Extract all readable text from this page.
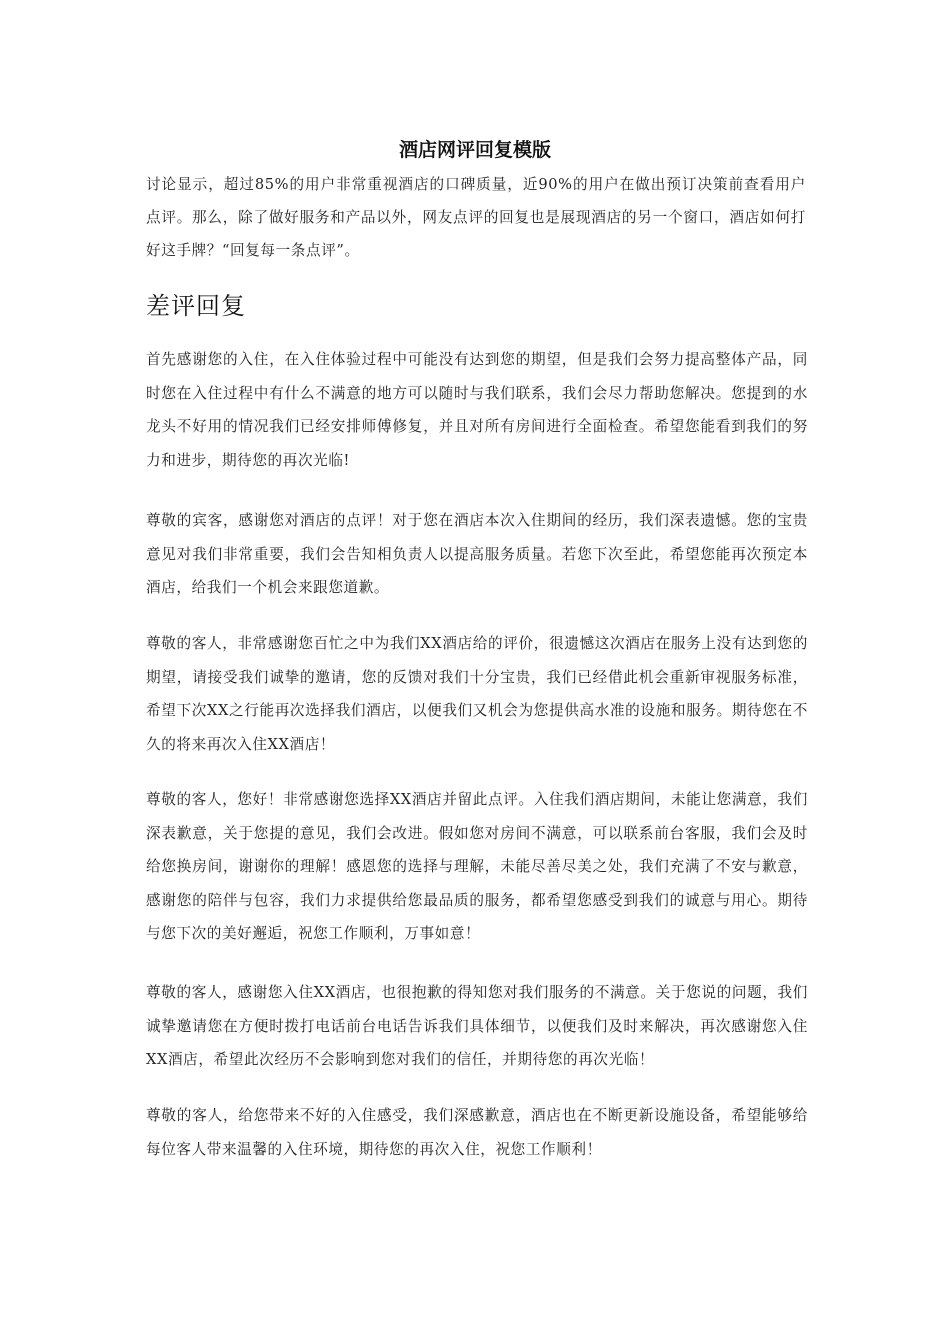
酒店网评回复模版

讨论显示，超过85%的用户非常重视酒店的口碑质量，近90%的用户在做出预订决策前查看用户点评。那么，除了做好服务和产品以外，网友点评的回复也是展现酒店的另一个窗口，酒店如何打好这手牌？“回复每一条点评”。

差评回复

首先感谢您的入住，在入住体验过程中可能没有达到您的期望，但是我们会努力提高整体产品，同时您在入住过程中有什么不满意的地方可以随时与我们联系，我们会尽力帮助您解决。您提到的水龙头不好用的情况我们已经安排师傅修复，并且对所有房间进行全面检查。希望您能看到我们的努力和进步，期待您的再次光临!

尊敬的宾客，感谢您对酒店的点评！对于您在酒店本次入住期间的经历，我们深表遗憾。您的宝贵意见对我们非常重要，我们会告知相负责人以提高服务质量。若您下次至此，希望您能再次预定本酒店，给我们一个机会来跟您道歉。

尊敬的客人，非常感谢您百忙之中为我们XX酒店给的评价，很遗憾这次酒店在服务上没有达到您的期望，请接受我们诚挚的邀请，您的反馈对我们十分宝贵，我们已经借此机会重新审视服务标准，希望下次XX之行能再次选择我们酒店，以便我们又机会为您提供高水准的设施和服务。期待您在不久的将来再次入住XX酒店！

尊敬的客人，您好！非常感谢您选择XX酒店并留此点评。入住我们酒店期间，未能让您满意，我们深表歉意，关于您提的意见，我们会改进。假如您对房间不满意，可以联系前台客服，我们会及时给您换房间，谢谢你的理解！感恩您的选择与理解，未能尽善尽美之处，我们充满了不安与歉意，感谢您的陪伴与包容，我们力求提供给您最品质的服务，都希望您感受到我们的诚意与用心。期待与您下次的美好邂逅，祝您工作顺利，万事如意！

尊敬的客人，感谢您入住XX酒店，也很抱歉的得知您对我们服务的不满意。关于您说的问题，我们诚挚邀请您在方便时拨打电话前台电话告诉我们具体细节，以便我们及时来解决，再次感谢您入住XX酒店，希望此次经历不会影响到您对我们的信任，并期待您的再次光临！

尊敬的客人，给您带来不好的入住感受，我们深感歉意，酒店也在不断更新设施设备，希望能够给每位客人带来温馨的入住环境，期待您的再次入住，祝您工作顺利！
